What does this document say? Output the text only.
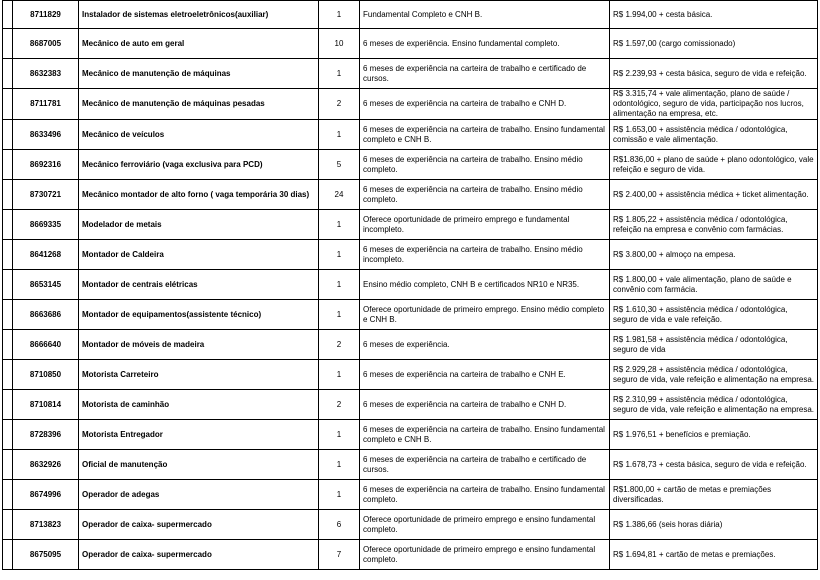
	8711829	Instalador de sistemas eletroeletrônicos(auxiliar)	1	Fundamental Completo e CNH B.	R$ 1.994,00 + cesta básica.
	8687005	Mecânico de auto em geral	10	6 meses de experiência. Ensino fundamental completo.	R$ 1.597,00 (cargo comissionado)
	8632383	Mecânico de manutenção de máquinas	1	6 meses de experiência na carteira de trabalho e certificado de cursos.	R$ 2.239,93 + cesta básica, seguro de vida e refeição.
	8711781	Mecânico de manutenção de máquinas pesadas	2	6 meses de experiência na carteira de trabalho e CNH D.	R$ 3.315,74 + vale alimentação, plano de saúde / odontológico, seguro de vida, participação nos lucros, alimentação na empresa, etc.
	8633496	Mecânico de veículos	1	6 meses de experiência na carteira de trabalho. Ensino fundamental completo e CNH B.	R$ 1.653,00 + assistência médica / odontológica, comissão e vale alimentação.
	8692316	Mecânico ferroviário (vaga exclusiva para PCD)	5	6 meses de experiência na carteira de trabalho. Ensino médio completo.	R$1.836,00 + plano de saúde + plano odontológico, vale refeição e seguro de vida.
	8730721	Mecânico montador de alto forno ( vaga temporária 30 dias)	24	6 meses de experiência na carteira de trabalho. Ensino médio completo.	R$ 2.400,00 + assistência médica + ticket alimentação.
	8669335	Modelador de metais	1	Oferece oportunidade de primeiro emprego e fundamental incompleto.	R$ 1.805,22 + assistência médica / odontológica, refeição na empresa e convênio com farmácias.
	8641268	Montador de Caldeira	1	6 meses de experiência na carteira de trabalho. Ensino médio incompleto.	R$ 3.800,00 + almoço na empesa.
	8653145	Montador de centrais elétricas	1	Ensino médio completo, CNH B e certificados NR10 e NR35.	R$ 1.800,00 + vale alimentação, plano de saúde e convênio com farmácia.
	8663686	Montador de equipamentos(assistente técnico)	1	Oferece oportunidade de primeiro emprego. Ensino médio completo e CNH B.	R$ 1.610,30 + assistência médica / odontológica, seguro de vida e vale refeição.
	8666640	Montador de móveis de madeira	2	6 meses de experiência.	R$ 1.981,58 + assistência médica / odontológica, seguro de vida
	8710850	Motorista Carreteiro	1	6 meses de experiência na carteira de trabalho e CNH E.	R$ 2.929,28 + assistência médica / odontológica, seguro de vida, vale refeição e alimentação na empresa.
	8710814	Motorista de caminhão	2	6 meses de experiência na carteira de trabalho e CNH D.	R$ 2.310,99 + assistência médica / odontológica, seguro de vida, vale refeição e alimentação na empresa.
	8728396	Motorista Entregador	1	6 meses de experiência na carteira de trabalho. Ensino fundamental completo e CNH B.	R$ 1.976,51 + benefícios e premiação.
	8632926	Oficial de manutenção	1	6 meses de experiência na carteira de trabalho e certificado de cursos.	R$ 1.678,73 + cesta básica, seguro de vida e refeição.
	8674996	Operador de adegas	1	6 meses de experiência na carteira de trabalho. Ensino fundamental completo.	R$1.800,00 + cartão de metas e premiações diversificadas.
	8713823	Operador de caixa- supermercado	6	Oferece oportunidade de primeiro emprego e ensino fundamental completo.	R$ 1.386,66 (seis horas diária)
	8675095	Operador de caixa- supermercado	7	Oferece oportunidade de primeiro emprego e ensino fundamental completo.	R$ 1.694,81 + cartão de metas e premiações.
